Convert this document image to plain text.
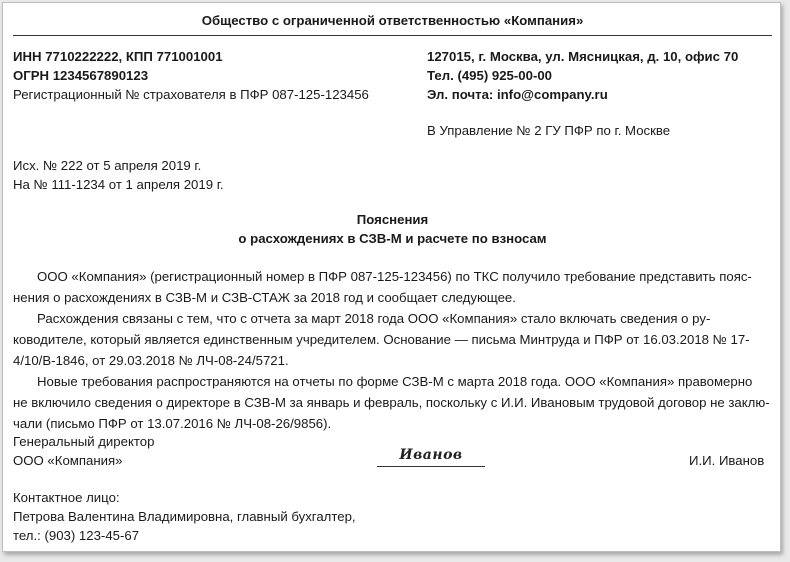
Общество с ограниченной ответственностью «Компания»
ИНН 7710222222, КПП 771001001
ОГРН 1234567890123
Регистрационный № страхователя в ПФР 087-125-123456
127015, г. Москва, ул. Мясницкая, д. 10, офис 70
Тел. (495) 925-00-00
Эл. почта: info@company.ru
В Управление № 2 ГУ ПФР по г. Москве
Исх. № 222 от 5 апреля 2019 г.
На № 111-1234 от 1 апреля 2019 г.
Пояснения
о расхождениях в СЗВ-М и расчете по взносам
ООО «Компания» (регистрационный номер в ПФР 087-125-123456) по ТКС получило требование представить пояс-
нения о расхождениях в СЗВ-М и СЗВ-СТАЖ за 2018 год и сообщает следующее.
Расхождения связаны с тем, что с отчета за март 2018 года ООО «Компания» стало включать сведения о ру-
ководителе, который является единственным учредителем. Основание — письма Минтруда и ПФР от 16.03.2018 № 17-
4/10/В-1846, от 29.03.2018 № ЛЧ-08-24/5721.
Новые требования распространяются на отчеты по форме СЗВ-М с марта 2018 года. ООО «Компания» правомерно
не включило сведения о директоре в СЗВ-М за январь и февраль, поскольку с И.И. Ивановым трудовой договор не заклю-
чали (письмо ПФР от 13.07.2016 № ЛЧ-08-26/9856).
Генеральный директор
ООО «Компания»	Иванов	И.И. Иванов
Контактное лицо:
Петрова Валентина Владимировна, главный бухгалтер,
тел.: (903) 123-45-67
